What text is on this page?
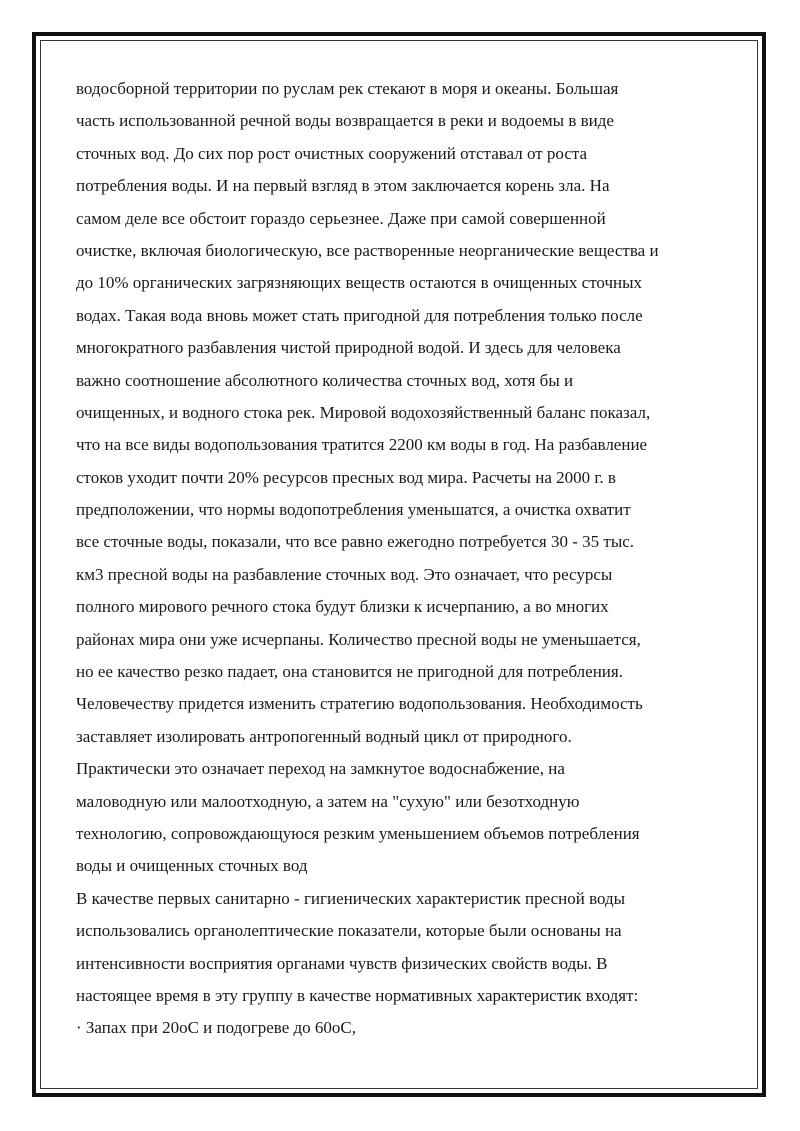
водосборной территории по руслам рек стекают в моря и океаны. Большая
часть использованной речной воды возвращается в реки и водоемы в виде
сточных вод. До сих пор рост очистных сооружений отставал от роста
потребления воды. И на первый взгляд в этом заключается корень зла. На
самом деле все обстоит гораздо серьезнее. Даже при самой совершенной
очистке, включая биологическую, все растворенные неорганические вещества и
до 10% органических загрязняющих веществ остаются в очищенных сточных
водах. Такая вода вновь может стать пригодной для потребления только после
многократного разбавления чистой природной водой. И здесь для человека
важно соотношение абсолютного количества сточных вод, хотя бы и
очищенных, и водного стока рек. Мировой водохозяйственный баланс показал,
что на все виды водопользования тратится 2200 км воды в год. На разбавление
стоков уходит почти 20% ресурсов пресных вод мира. Расчеты на 2000 г. в
предположении, что нормы водопотребления уменьшатся, а очистка охватит
все сточные воды, показали, что все равно ежегодно потребуется 30 - 35 тыс.
км3 пресной воды на разбавление сточных вод. Это означает, что ресурсы
полного мирового речного стока будут близки к исчерпанию, а во многих
районах мира они уже исчерпаны. Количество пресной воды не уменьшается,
но ее качество резко падает, она становится не пригодной для потребления.
Человечеству придется изменить стратегию водопользования. Необходимость
заставляет изолировать антропогенный водный цикл от природного.
Практически это означает переход на замкнутое водоснабжение, на
маловодную или малоотходную, а затем на "сухую" или безотходную
технологию, сопровождающуюся резким уменьшением объемов потребления
воды и очищенных сточных вод
В качестве первых санитарно - гигиенических характеристик пресной воды
использовались органолептические показатели, которые были основаны на
интенсивности восприятия органами чувств физических свойств воды. В
настоящее время в эту группу в качестве нормативных характеристик входят:
· Запах при 20оС и подогреве до 60оС,
